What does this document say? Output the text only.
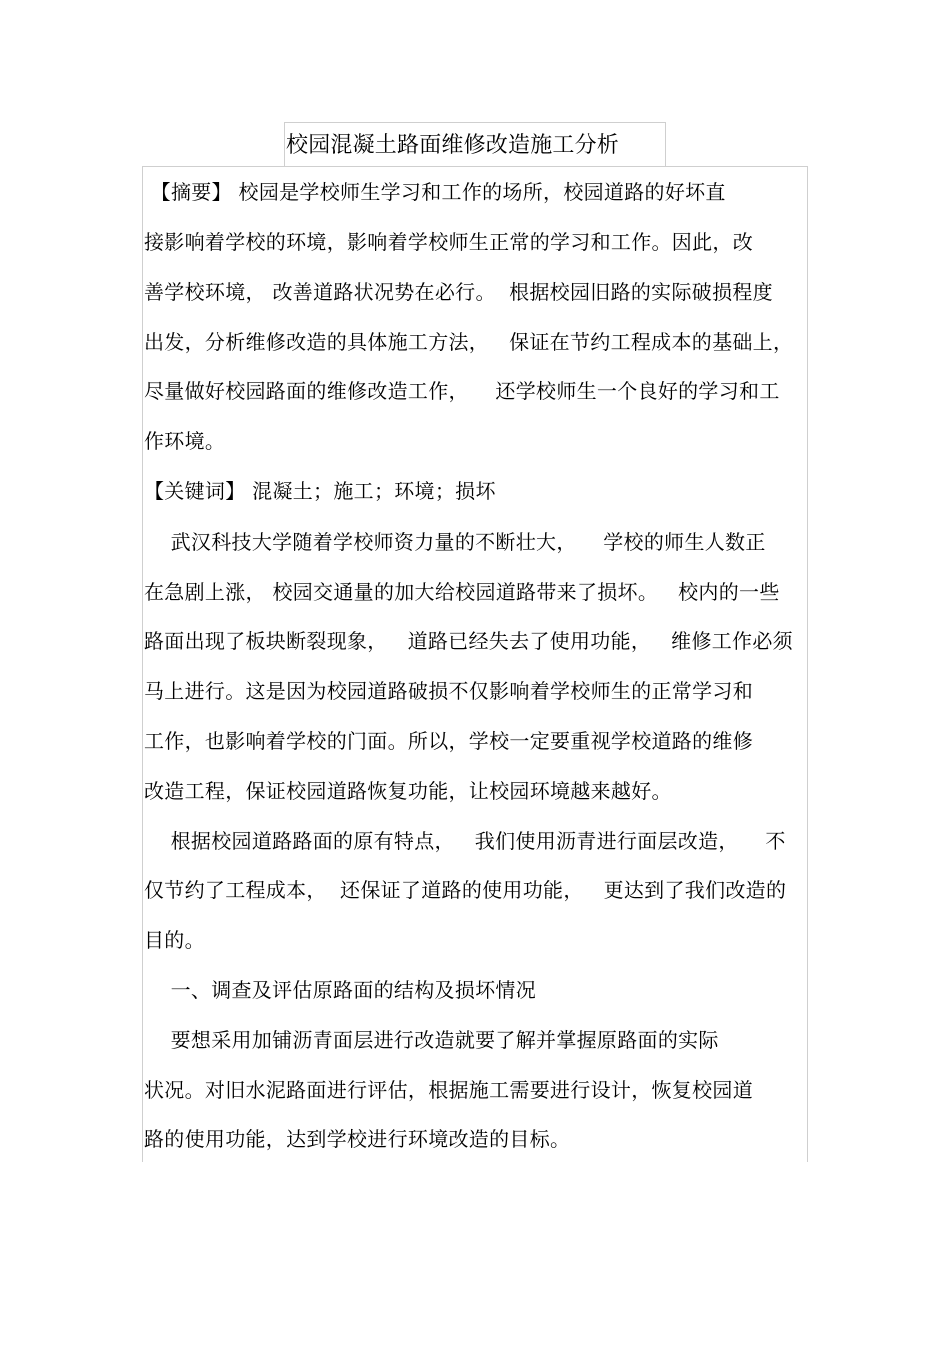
校园混凝土路面维修改造施工分析
【摘要】 校园是学校师生学习和工作的场所，校园道路的好坏直
接影响着学校的环境，影响着学校师生正常的学习和工作。因此，改
善学校环境， 改善道路状况势在必行。  根据校园旧路的实际破损程度
出发，分析维修改造的具体施工方法，   保证在节约工程成本的基础上，
尽量做好校园路面的维修改造工作，    还学校师生一个良好的学习和工
作环境。
【关键词】 混凝土；施工；环境；损坏
武汉科技大学随着学校师资力量的不断壮大，    学校的师生人数正
在急剧上涨， 校园交通量的加大给校园道路带来了损坏。   校内的一些
路面出现了板块断裂现象，   道路已经失去了使用功能，   维修工作必须
马上进行。这是因为校园道路破损不仅影响着学校师生的正常学习和
工作，也影响着学校的门面。所以，学校一定要重视学校道路的维修
改造工程，保证校园道路恢复功能，让校园环境越来越好。
根据校园道路路面的原有特点，   我们使用沥青进行面层改造，    不
仅节约了工程成本，  还保证了道路的使用功能，   更达到了我们改造的
目的。
一、调查及评估原路面的结构及损坏情况
要想采用加铺沥青面层进行改造就要了解并掌握原路面的实际
状况。对旧水泥路面进行评估，根据施工需要进行设计，恢复校园道
路的使用功能，达到学校进行环境改造的目标。
